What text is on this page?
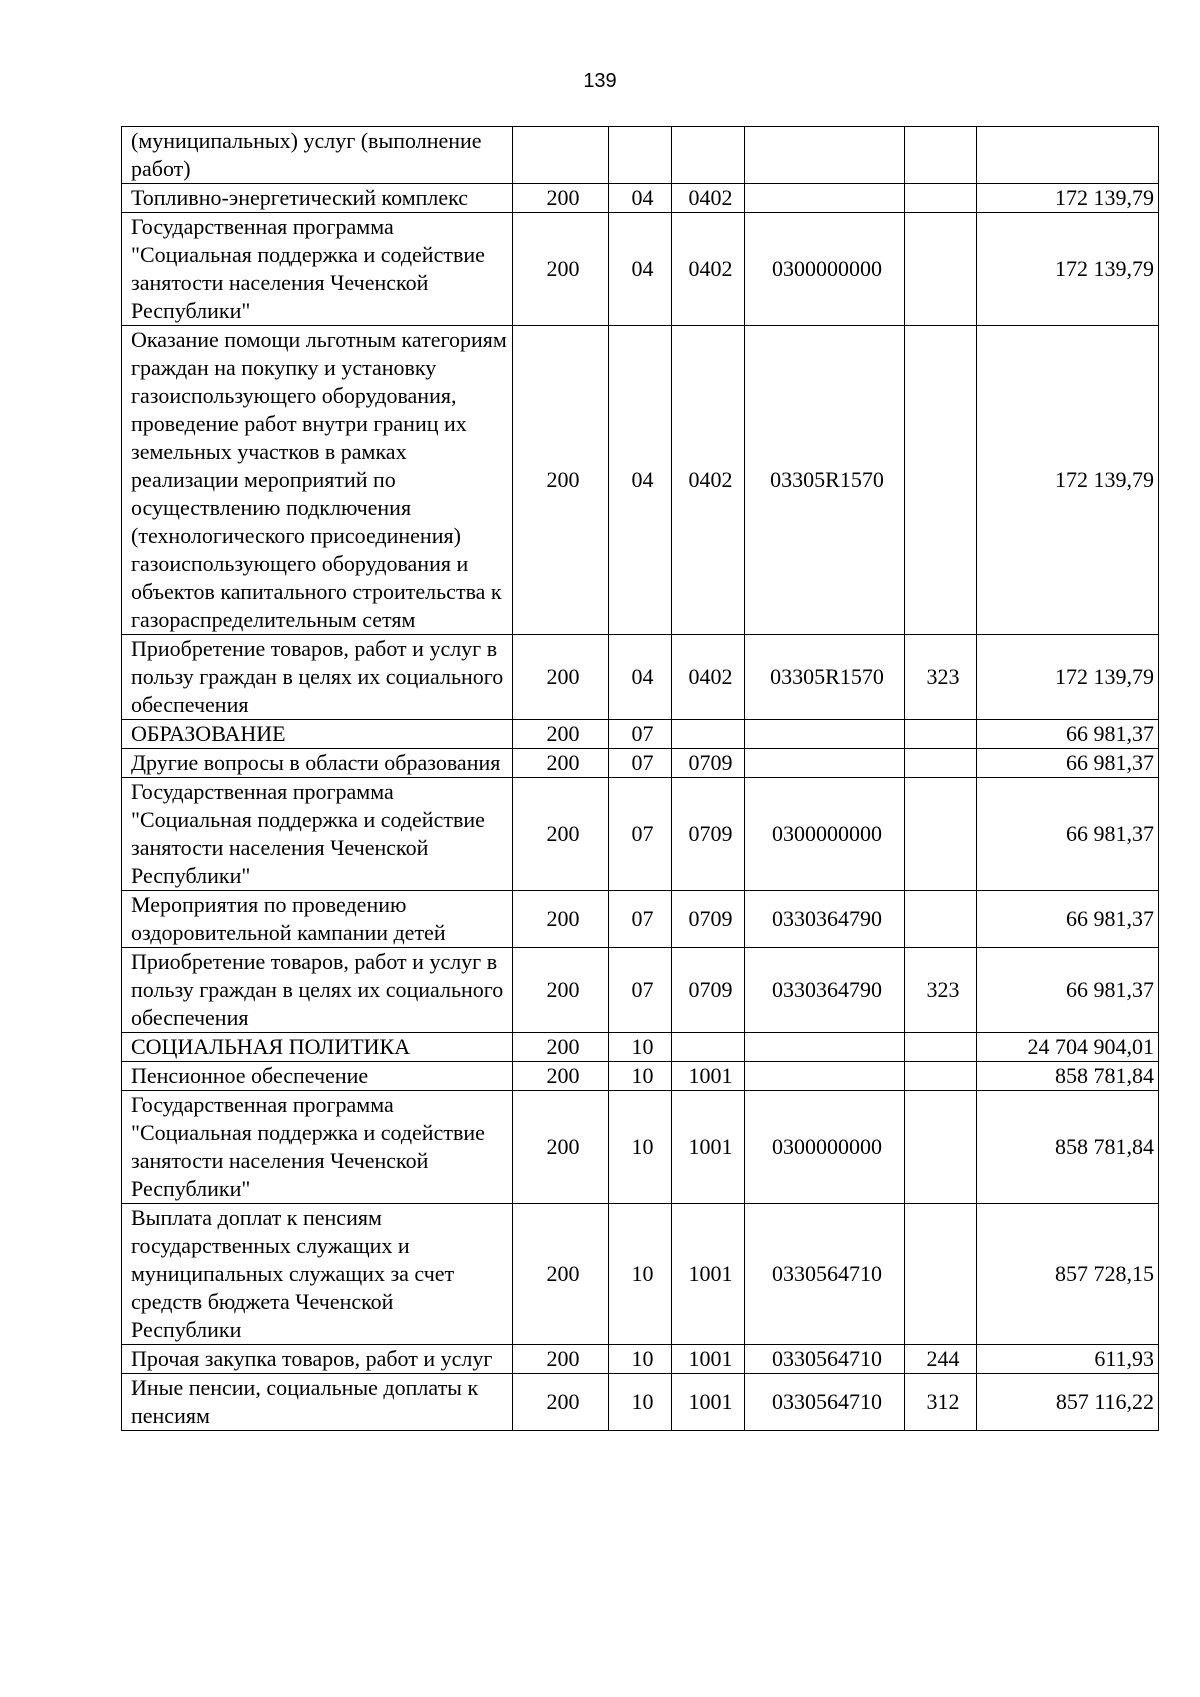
139
(муниципальных) услуг (выполнение работ)						
Топливно-энергетический комплекс	200	04	0402			172 139,79
Государственная программа "Социальная поддержка и содействие занятости населения Чеченской Республики"	200	04	0402	0300000000		172 139,79
Оказание помощи льготным категориям граждан на покупку и установку газоиспользующего оборудования, проведение работ внутри границ их земельных участков в рамках реализации мероприятий по осуществлению подключения (технологического присоединения) газоиспользующего оборудования и объектов капитального строительства к газораспределительным сетям	200	04	0402	03305R1570		172 139,79
Приобретение товаров, работ и услуг в пользу граждан в целях их социального обеспечения	200	04	0402	03305R1570	323	172 139,79
ОБРАЗОВАНИЕ	200	07				66 981,37
Другие вопросы в области образования	200	07	0709			66 981,37
Государственная программа "Социальная поддержка и содействие занятости населения Чеченской Республики"	200	07	0709	0300000000		66 981,37
Мероприятия по проведению оздоровительной кампании детей	200	07	0709	0330364790		66 981,37
Приобретение товаров, работ и услуг в пользу граждан в целях их социального обеспечения	200	07	0709	0330364790	323	66 981,37
СОЦИАЛЬНАЯ ПОЛИТИКА	200	10				24 704 904,01
Пенсионное обеспечение	200	10	1001			858 781,84
Государственная программа "Социальная поддержка и содействие занятости населения Чеченской Республики"	200	10	1001	0300000000		858 781,84
Выплата доплат к пенсиям государственных служащих и муниципальных служащих за счет средств бюджета Чеченской Республики	200	10	1001	0330564710		857 728,15
Прочая закупка товаров, работ и услуг	200	10	1001	0330564710	244	611,93
Иные пенсии, социальные доплаты к пенсиям	200	10	1001	0330564710	312	857 116,22
